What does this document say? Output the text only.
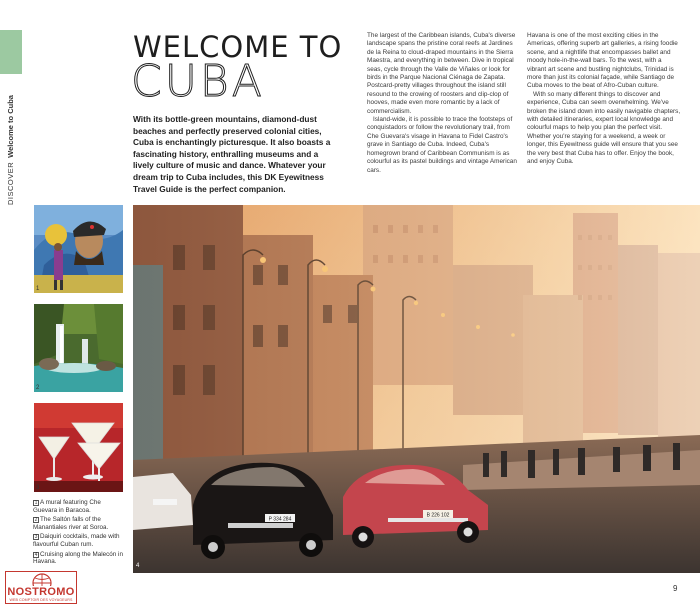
DISCOVERWelcome to Cuba
WELCOME TO
CUBA
With its bottle-green mountains, diamond-dust beaches and perfectly preserved colonial cities, Cuba is enchantingly picturesque. It also boasts a fascinating history, enthralling museums and a lively culture of music and dance. Whatever your dream trip to Cuba includes, this DK Eyewitness Travel Guide is the perfect companion.

The largest of the Caribbean islands, Cuba's diverse landscape spans the pristine coral reefs at Jardines de la Reina to cloud-draped mountains in the Sierra Maestra, and everything in between. Dive in tropical seas, cycle through the Valle de Viñales or look for birds in the Parque Nacional Ciénaga de Zapata. Postcard-pretty villages throughout the island still resound to the crowing of roosters and clip-clop of hooves, made even more romantic by a lack of commercialism.

Island-wide, it is possible to trace the footsteps of conquistadors or follow the revolutionary trail, from Che Guevara's visage in Havana to Fidel Castro's grave in Santiago de Cuba. Indeed, Cuba's homegrown brand of Caribbean Communism is as colourful as its pastel buildings and vintage American cars.

Havana is one of the most exciting cities in the Americas, offering superb art galleries, a rising foodie scene, and a nightlife that encompasses ballet and moody hole-in-the-wall bars. To the west, with a vibrant art scene and bustling nightclubs, Trinidad is more than just its colonial façade, while Santiago de Cuba moves to the beat of Afro-Cuban culture.

With so many different things to discover and experience, Cuba can seem overwhelming. We've broken the island down into easily navigable chapters, with detailed itineraries, expert local knowledge and colourful maps to help you plan the perfect visit. Whether you're staying for a weekend, a week or longer, this Eyewitness guide will ensure that you see the very best that Cuba has to offer. Enjoy the book, and enjoy Cuba.

1
2
3
1 A mural featuring Che Guevara in Baracoa.
2 The Saltón falls of the Manantiales river at Soroa.
3 Daiquiri cocktails, made with flavourful Cuban rum.
4 Cruising along the Malecón in Havana.
P 334 284
B 226 102
4
9
NOSTROMO
WEB COMPTOIR DES VOYAGEURS
